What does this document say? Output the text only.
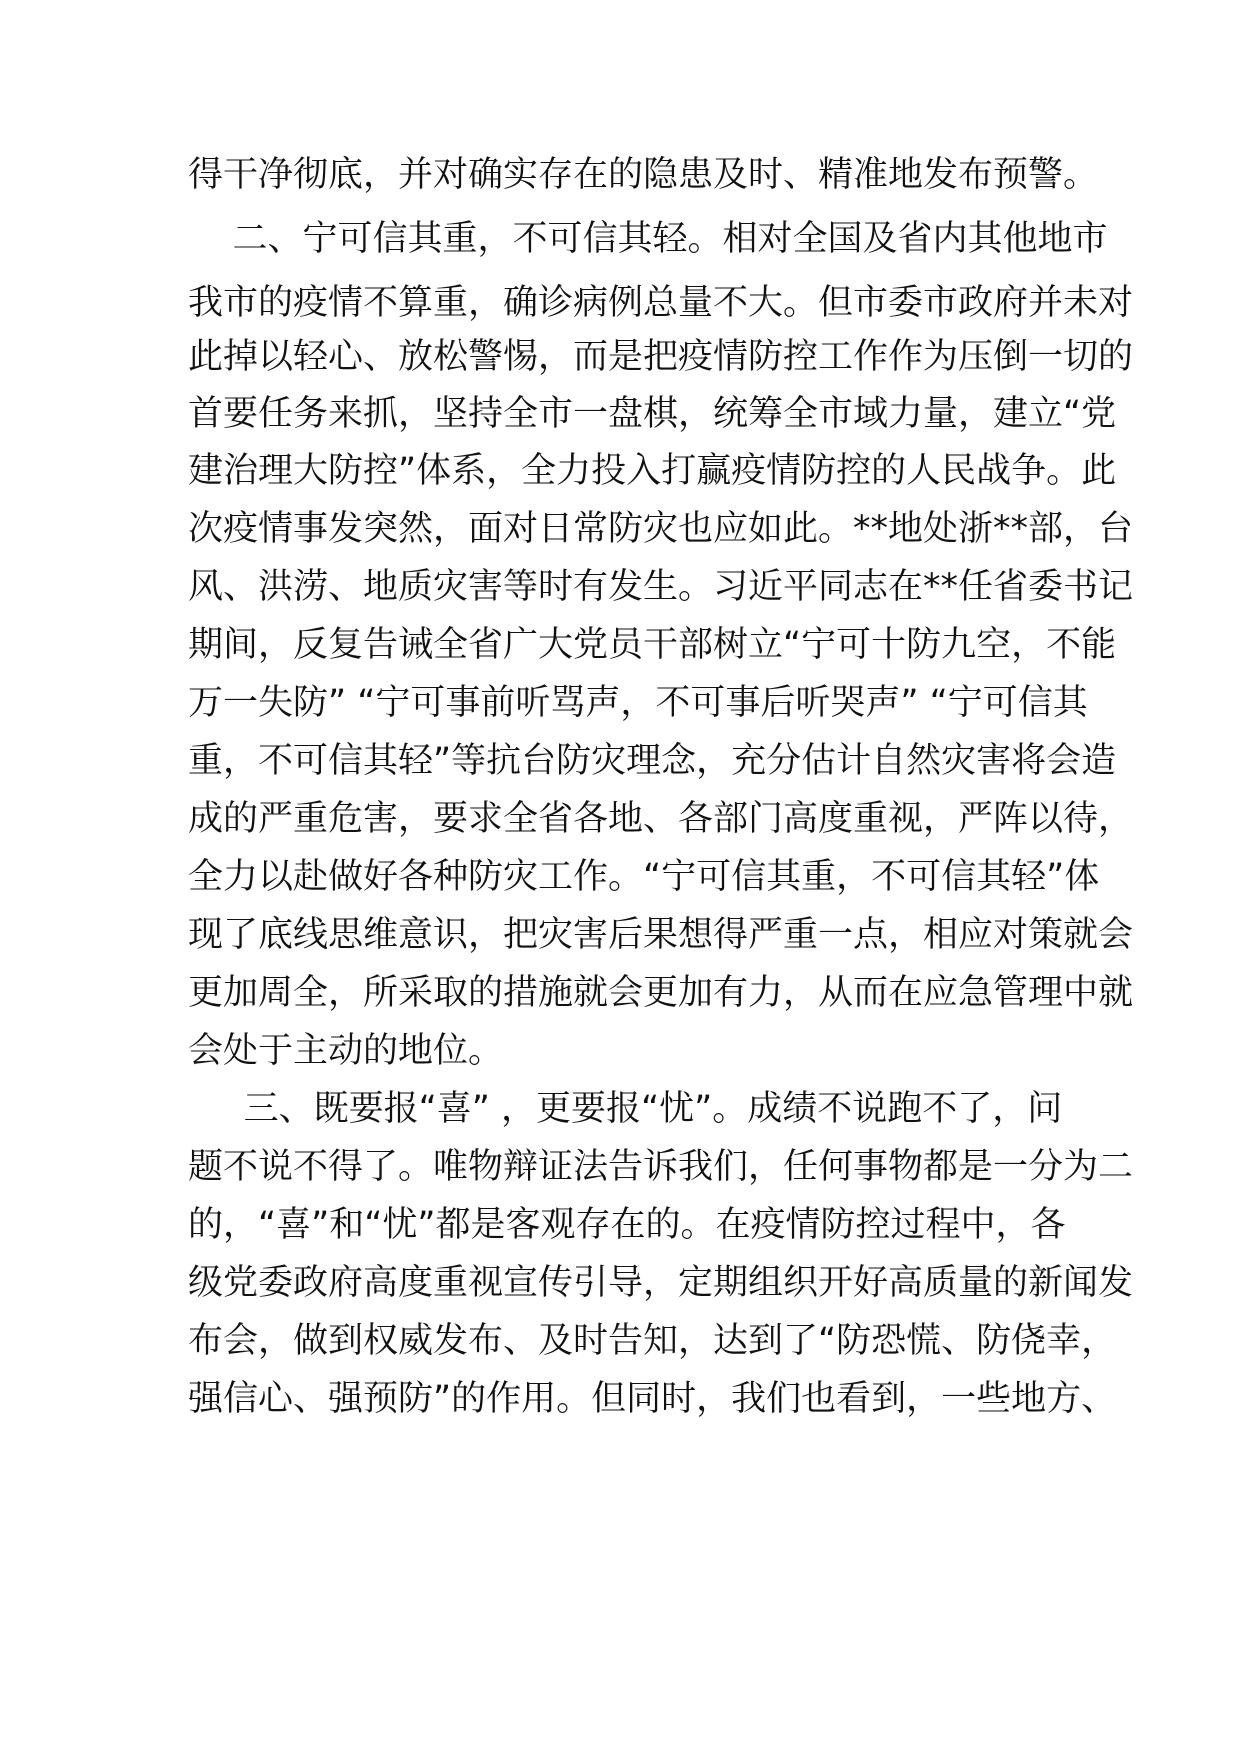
得干净彻底，并对确实存在的隐患及时、精准地发布预警。
二、宁可信其重，不可信其轻。相对全国及省内其他地市
我市的疫情不算重，确诊病例总量不大。但市委市政府并未对
此掉以轻心、放松警惕，而是把疫情防控工作作为压倒一切的
首要任务来抓，坚持全市一盘棋，统筹全市域力量，建立“党
建治理大防控”体系，全力投入打赢疫情防控的人民战争。此
次疫情事发突然，面对日常防灾也应如此。**地处浙**部，台
风、洪涝、地质灾害等时有发生。习近平同志在**任省委书记
期间，反复告诫全省广大党员干部树立“宁可十防九空，不能
万一失防” “宁可事前听骂声，不可事后听哭声” “宁可信其
重，不可信其轻”等抗台防灾理念，充分估计自然灾害将会造
成的严重危害，要求全省各地、各部门高度重视，严阵以待，
全力以赴做好各种防灾工作。“宁可信其重，不可信其轻”体
现了底线思维意识，把灾害后果想得严重一点，相应对策就会
更加周全，所采取的措施就会更加有力，从而在应急管理中就
会处于主动的地位。
三、既要报“喜” ，更要报“忧”。成绩不说跑不了，问
题不说不得了。唯物辩证法告诉我们，任何事物都是一分为二
的，“喜”和“忧”都是客观存在的。在疫情防控过程中，各
级党委政府高度重视宣传引导，定期组织开好高质量的新闻发
布会，做到权威发布、及时告知，达到了“防恐慌、防侥幸，
强信心、强预防”的作用。但同时，我们也看到，一些地方、
